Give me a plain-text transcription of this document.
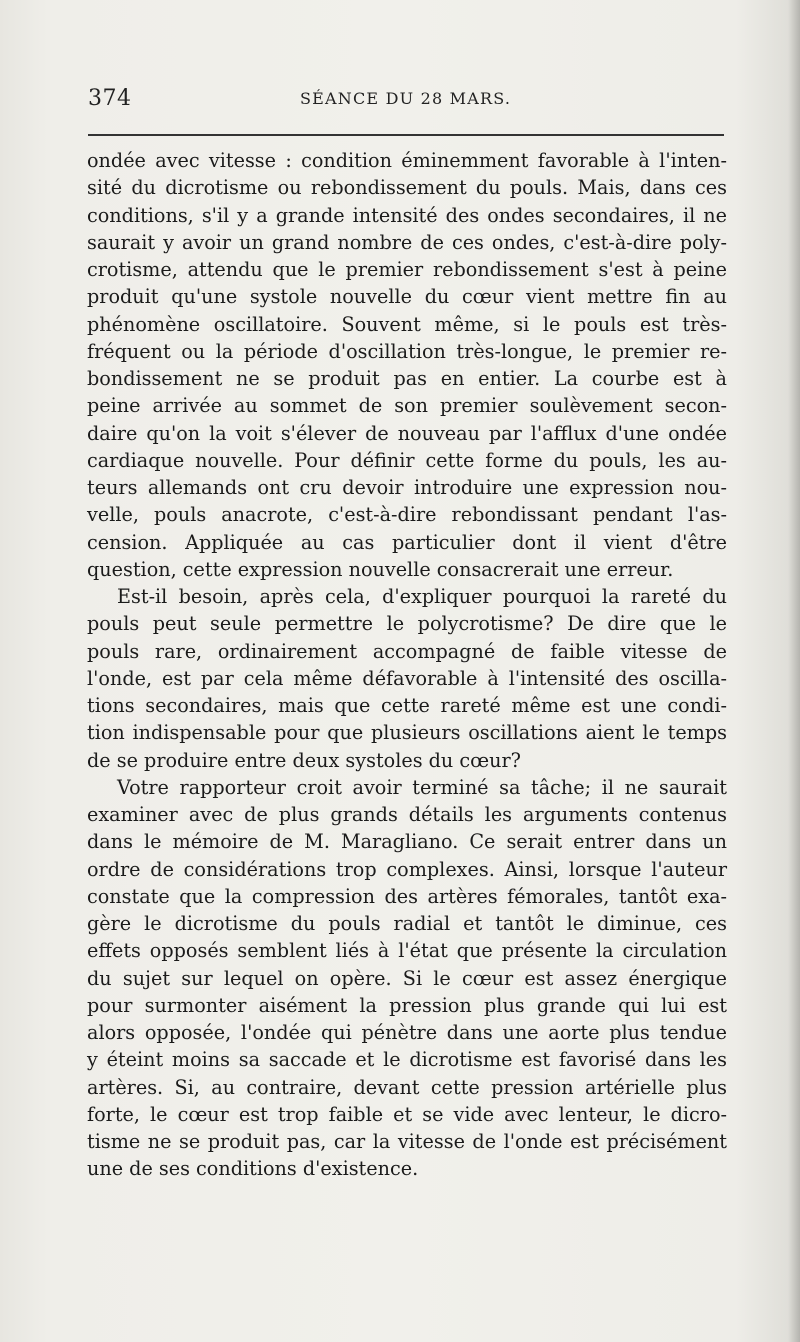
374	SÉANCE DU 28 MARS.
ondée avec vitesse : condition éminemment favorable à l'inten-
sité du dicrotisme ou rebondissement du pouls. Mais, dans ces
conditions, s'il y a grande intensité des ondes secondaires, il ne
saurait y avoir un grand nombre de ces ondes, c'est-à-dire poly-
crotisme, attendu que le premier rebondissement s'est à peine
produit qu'une systole nouvelle du cœur vient mettre fin au
phénomène oscillatoire. Souvent même, si le pouls est très-
fréquent ou la période d'oscillation très-longue, le premier re-
bondissement ne se produit pas en entier. La courbe est à
peine arrivée au sommet de son premier soulèvement secon-
daire qu'on la voit s'élever de nouveau par l'afflux d'une ondée
cardiaque nouvelle. Pour définir cette forme du pouls, les au-
teurs allemands ont cru devoir introduire une expression nou-
velle, pouls anacrote, c'est-à-dire rebondissant pendant l'as-
cension. Appliquée au cas particulier dont il vient d'être
question, cette expression nouvelle consacrerait une erreur.
Est-il besoin, après cela, d'expliquer pourquoi la rareté du
pouls peut seule permettre le polycrotisme? De dire que le
pouls rare, ordinairement accompagné de faible vitesse de
l'onde, est par cela même défavorable à l'intensité des oscilla-
tions secondaires, mais que cette rareté même est une condi-
tion indispensable pour que plusieurs oscillations aient le temps
de se produire entre deux systoles du cœur?
Votre rapporteur croit avoir terminé sa tâche; il ne saurait
examiner avec de plus grands détails les arguments contenus
dans le mémoire de M. Maragliano. Ce serait entrer dans un
ordre de considérations trop complexes. Ainsi, lorsque l'auteur
constate que la compression des artères fémorales, tantôt exa-
gère le dicrotisme du pouls radial et tantôt le diminue, ces
effets opposés semblent liés à l'état que présente la circulation
du sujet sur lequel on opère. Si le cœur est assez énergique
pour surmonter aisément la pression plus grande qui lui est
alors opposée, l'ondée qui pénètre dans une aorte plus tendue
y éteint moins sa saccade et le dicrotisme est favorisé dans les
artères. Si, au contraire, devant cette pression artérielle plus
forte, le cœur est trop faible et se vide avec lenteur, le dicro-
tisme ne se produit pas, car la vitesse de l'onde est précisément
une de ses conditions d'existence.
